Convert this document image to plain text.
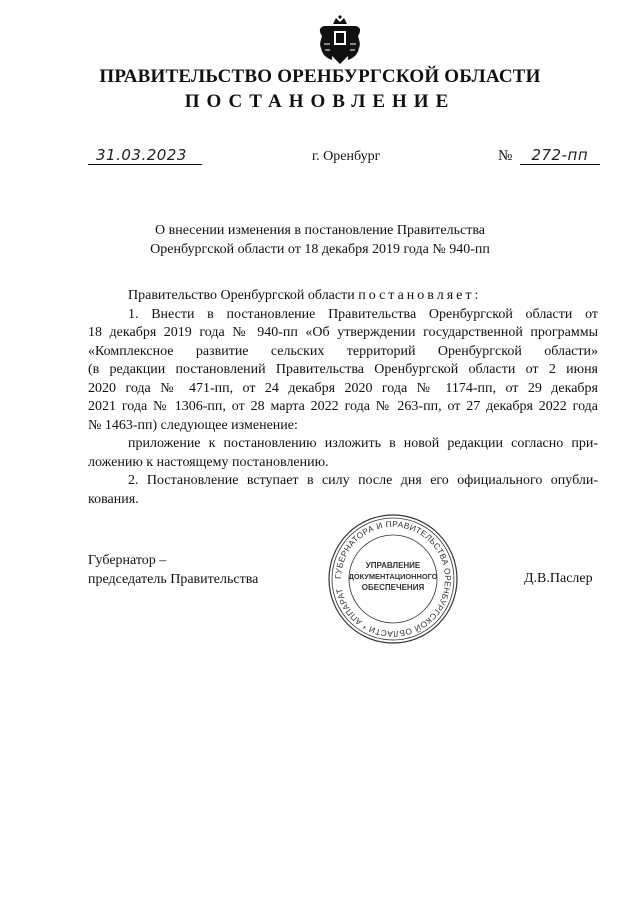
ПРАВИТЕЛЬСТВО ОРЕНБУРГСКОЙ ОБЛАСТИ
ПОСТАНОВЛЕНИЕ
31.03.2023	г. Оренбург	№ 272-пп
О внесении изменения в постановление Правительства
Оренбургской области от 18 декабря 2019 года № 940-пп

Правительство Оренбургской области постановляет:

1. Внести в постановление Правительства Оренбургской области от
18 декабря 2019 года № 940-пп «Об утверждении государственной программы
«Комплексное развитие сельских территорий Оренбургской области»
(в редакции постановлений Правительства Оренбургской области от 2 июня
2020 года № 471-пп, от 24 декабря 2020 года № 1174-пп, от 29 декабря
2021 года № 1306-пп, от 28 марта 2022 года № 263-пп, от 27 декабря 2022 года
№ 1463-пп) следующее изменение:

приложение к постановлению изложить в новой редакции согласно при-
ложению к настоящему постановлению.

2. Постановление вступает в силу после дня его официального опубли-
кования.

Губернатор –
председатель Правительства	ГУБЕРНАТОРА И ПРАВИТЕЛЬСТВА ОРЕНБУРГСКОЙ ОБЛАСТИ * АППАРАТ
УПРАВЛЕНИЕ
ДОКУМЕНТАЦИОННОГО
ОБЕСПЕЧЕНИЯ
Д.В.Паслер
